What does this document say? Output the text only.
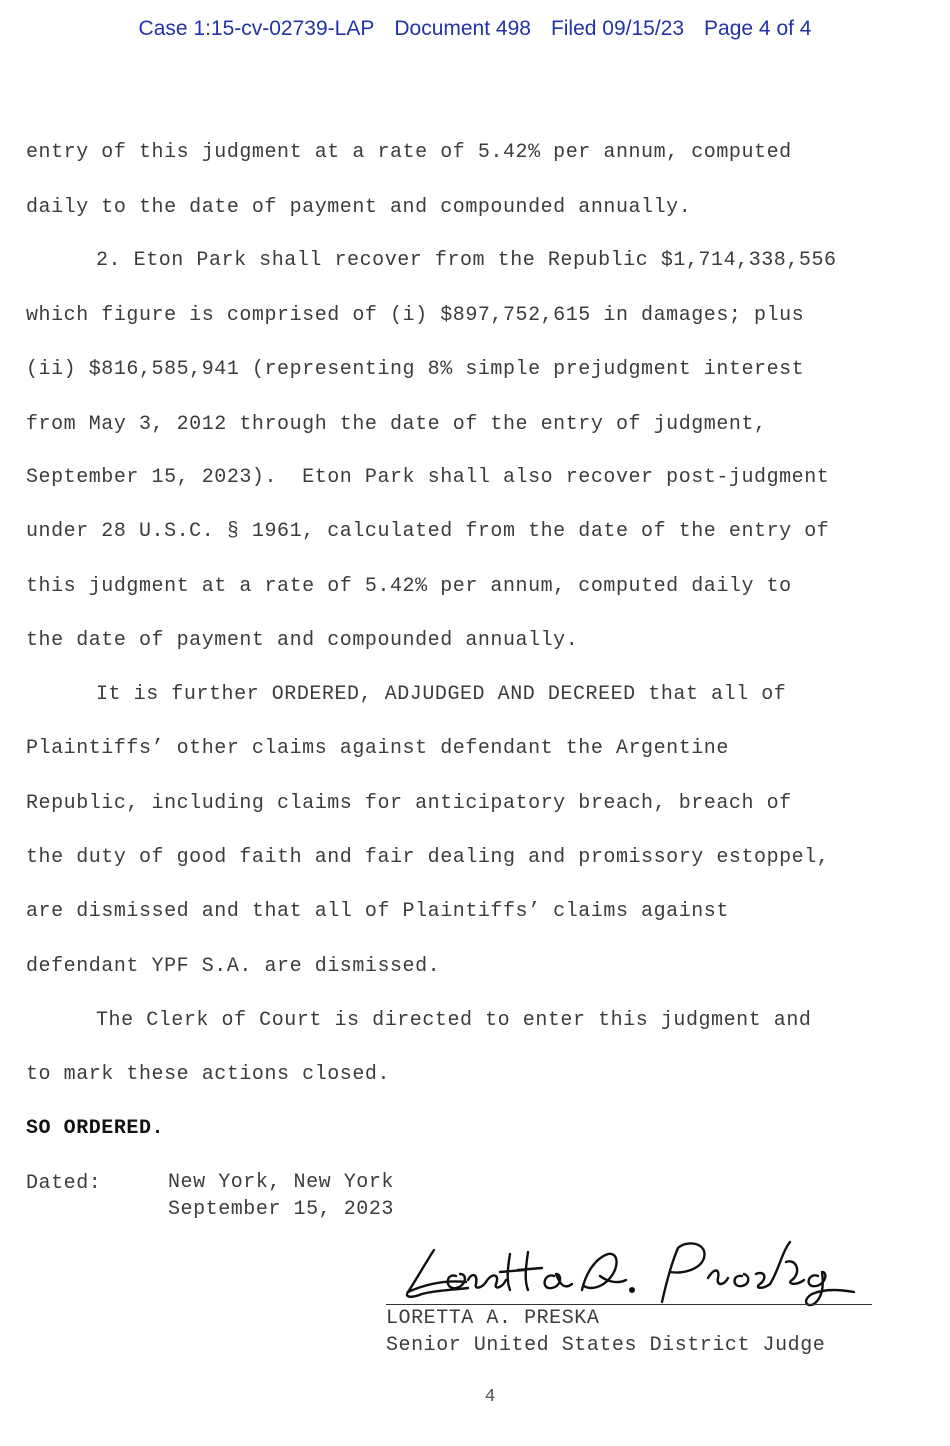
Case 1:15-cv-02739-LAP Document 498 Filed 09/15/23 Page 4 of 4
entry of this judgment at a rate of 5.42% per annum, computed
daily to the date of payment and compounded annually.
2. Eton Park shall recover from the Republic $1,714,338,556
which figure is comprised of (i) $897,752,615 in damages; plus
(ii) $816,585,941 (representing 8% simple prejudgment interest
from May 3, 2012 through the date of the entry of judgment,
September 15, 2023).  Eton Park shall also recover post-judgment
under 28 U.S.C. § 1961, calculated from the date of the entry of
this judgment at a rate of 5.42% per annum, computed daily to
the date of payment and compounded annually.
It is further ORDERED, ADJUDGED AND DECREED that all of
Plaintiffs’ other claims against defendant the Argentine
Republic, including claims for anticipatory breach, breach of
the duty of good faith and fair dealing and promissory estoppel,
are dismissed and that all of Plaintiffs’ claims against
defendant YPF S.A. are dismissed.
The Clerk of Court is directed to enter this judgment and
to mark these actions closed.
SO ORDERED.
Dated:	New York, New York
September 15, 2023
LORETTA A. PRESKA
Senior United States District Judge
4
